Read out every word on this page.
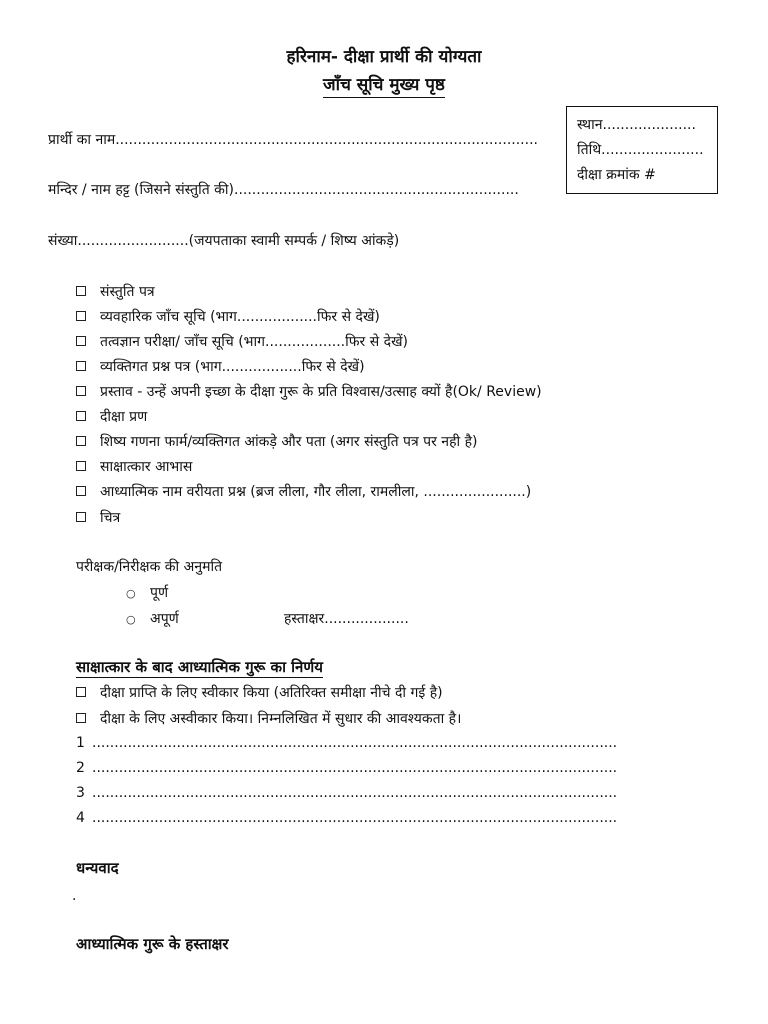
हरिनाम- दीक्षा प्रार्थी की योग्यता
जाँच सूचि मुख्य पृष्ठ
स्थान.....................
तिथि.......................
दीक्षा क्रमांक #
प्रार्थी का नाम...............................................................................................
मन्दिर / नाम हट्ट (जिसने संस्तुति की)................................................................
संख्या.........................(जयपताका स्वामी सम्पर्क / शिष्य आंकडे़)
संस्तुति पत्र
व्यवहारिक जाँच सूचि (भाग..................फिर से देखें)
तत्वज्ञान परीक्षा/ जाँच सूचि (भाग..................फिर से देखें)
व्यक्तिगत प्रश्न पत्र (भाग..................फिर से देखें)
प्रस्ताव - उन्हें अपनी इच्छा के दीक्षा गुरू के प्रति विश्वास/उत्साह क्यों है(Ok/ Review)
दीक्षा प्रण
शिष्य गणना फार्म/व्यक्तिगत आंकडे़ और पता (अगर संस्तुति पत्र पर नही है)
साक्षात्कार आभास
आध्यात्मिक नाम वरीयता प्रश्न (ब्रज लीला, गौर लीला, रामलीला, .......................)
चित्र
परीक्षक/निरीक्षक की अनुमति
○ पूर्ण
○ अपूर्ण	हस्ताक्षर...................
साक्षात्कार के बाद आध्यात्मिक गुरू का निर्णय
दीक्षा प्राप्ति के लिए स्वीकार किया (अतिरिक्त समीक्षा नीचे दी गई है)
दीक्षा के लिए अस्वीकार किया। निम्नलिखित में सुधार की आवश्यकता है।
1 ......................................................................................................................
2 ......................................................................................................................
3 ......................................................................................................................
4 ......................................................................................................................
धन्यवाद
.
आध्यात्मिक गुरू के हस्ताक्षर
